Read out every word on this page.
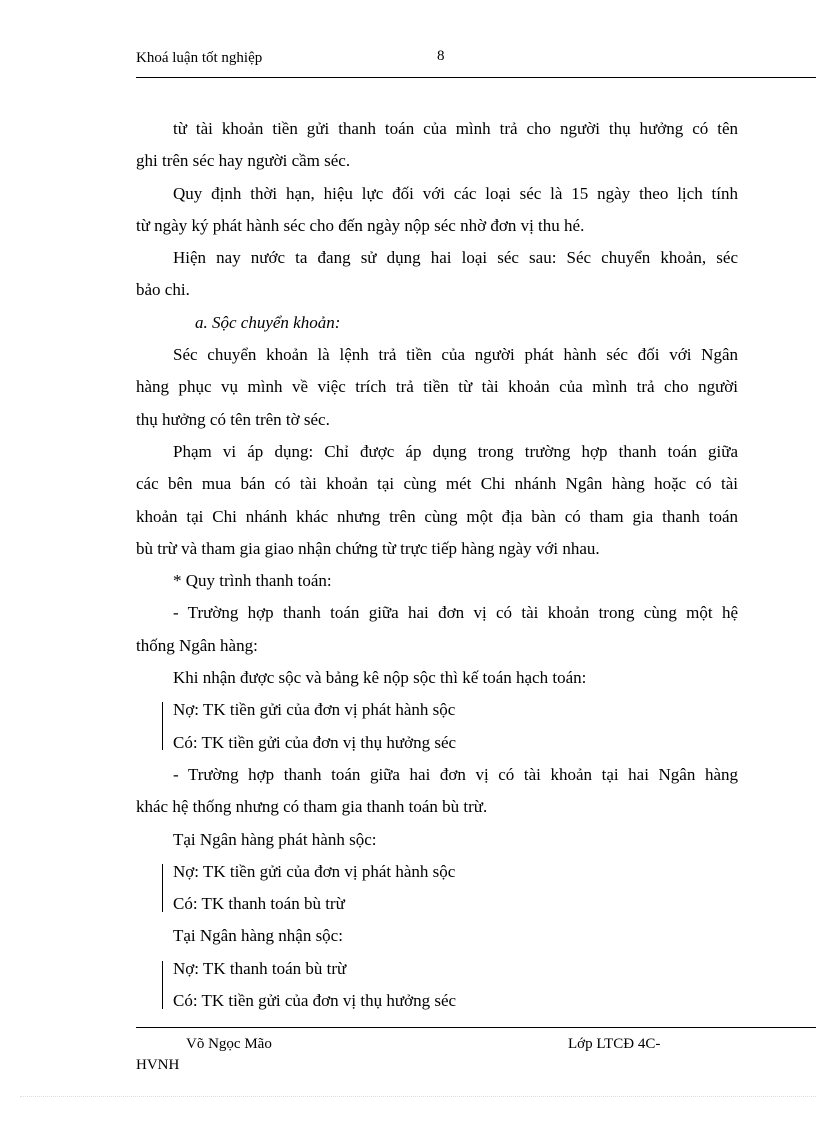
Khoá luận tốt nghiệp	8
từ tài khoản tiền gửi thanh toán của mình trả cho người thụ hưởng có tên
ghi trên séc hay người cầm séc.
Quy định thời hạn, hiệu lực đối với các loại séc là 15 ngày theo lịch tính
từ ngày ký phát hành séc cho đến ngày nộp séc nhờ đơn vị thu hé.
Hiện nay nước ta đang sử dụng hai loại séc sau: Séc chuyển khoản, séc
bảo chi.
a. Sộc chuyển khoản:
Séc chuyển khoản là lệnh trả tiền của người phát hành séc đối với Ngân
hàng phục vụ mình về việc trích trả tiền từ tài khoản của mình trả cho người
thụ hưởng có tên trên tờ séc.
Phạm vi áp dụng: Chỉ được áp dụng trong trường hợp thanh toán giữa
các bên mua bán có tài khoản tại cùng mét Chi nhánh Ngân hàng hoặc có tài
khoản tại Chi nhánh khác nhưng trên cùng một địa bàn có tham gia thanh toán
bù trừ và tham gia giao nhận chứng từ trực tiếp hàng ngày với nhau.
* Quy trình thanh toán:
- Trường hợp thanh toán giữa hai đơn vị có tài khoản trong cùng một hệ
thống Ngân hàng:
Khi nhận được sộc và bảng kê nộp sộc thì kế toán hạch toán:
Nợ: TK tiền gửi của đơn vị phát hành sộc
Có: TK tiền gửi của đơn vị thụ hưởng séc
- Trường hợp thanh toán giữa hai đơn vị có tài khoản tại hai Ngân hàng
khác hệ thống nhưng có tham gia thanh toán bù trừ.
Tại Ngân hàng phát hành sộc:
Nợ: TK tiền gửi của đơn vị phát hành sộc
Có: TK thanh toán bù trừ
Tại Ngân hàng nhận sộc:
Nợ: TK thanh toán bù trừ
Có: TK tiền gửi của đơn vị thụ hưởng séc
Võ Ngọc Mão	Lớp LTCĐ 4C-
HVNH
